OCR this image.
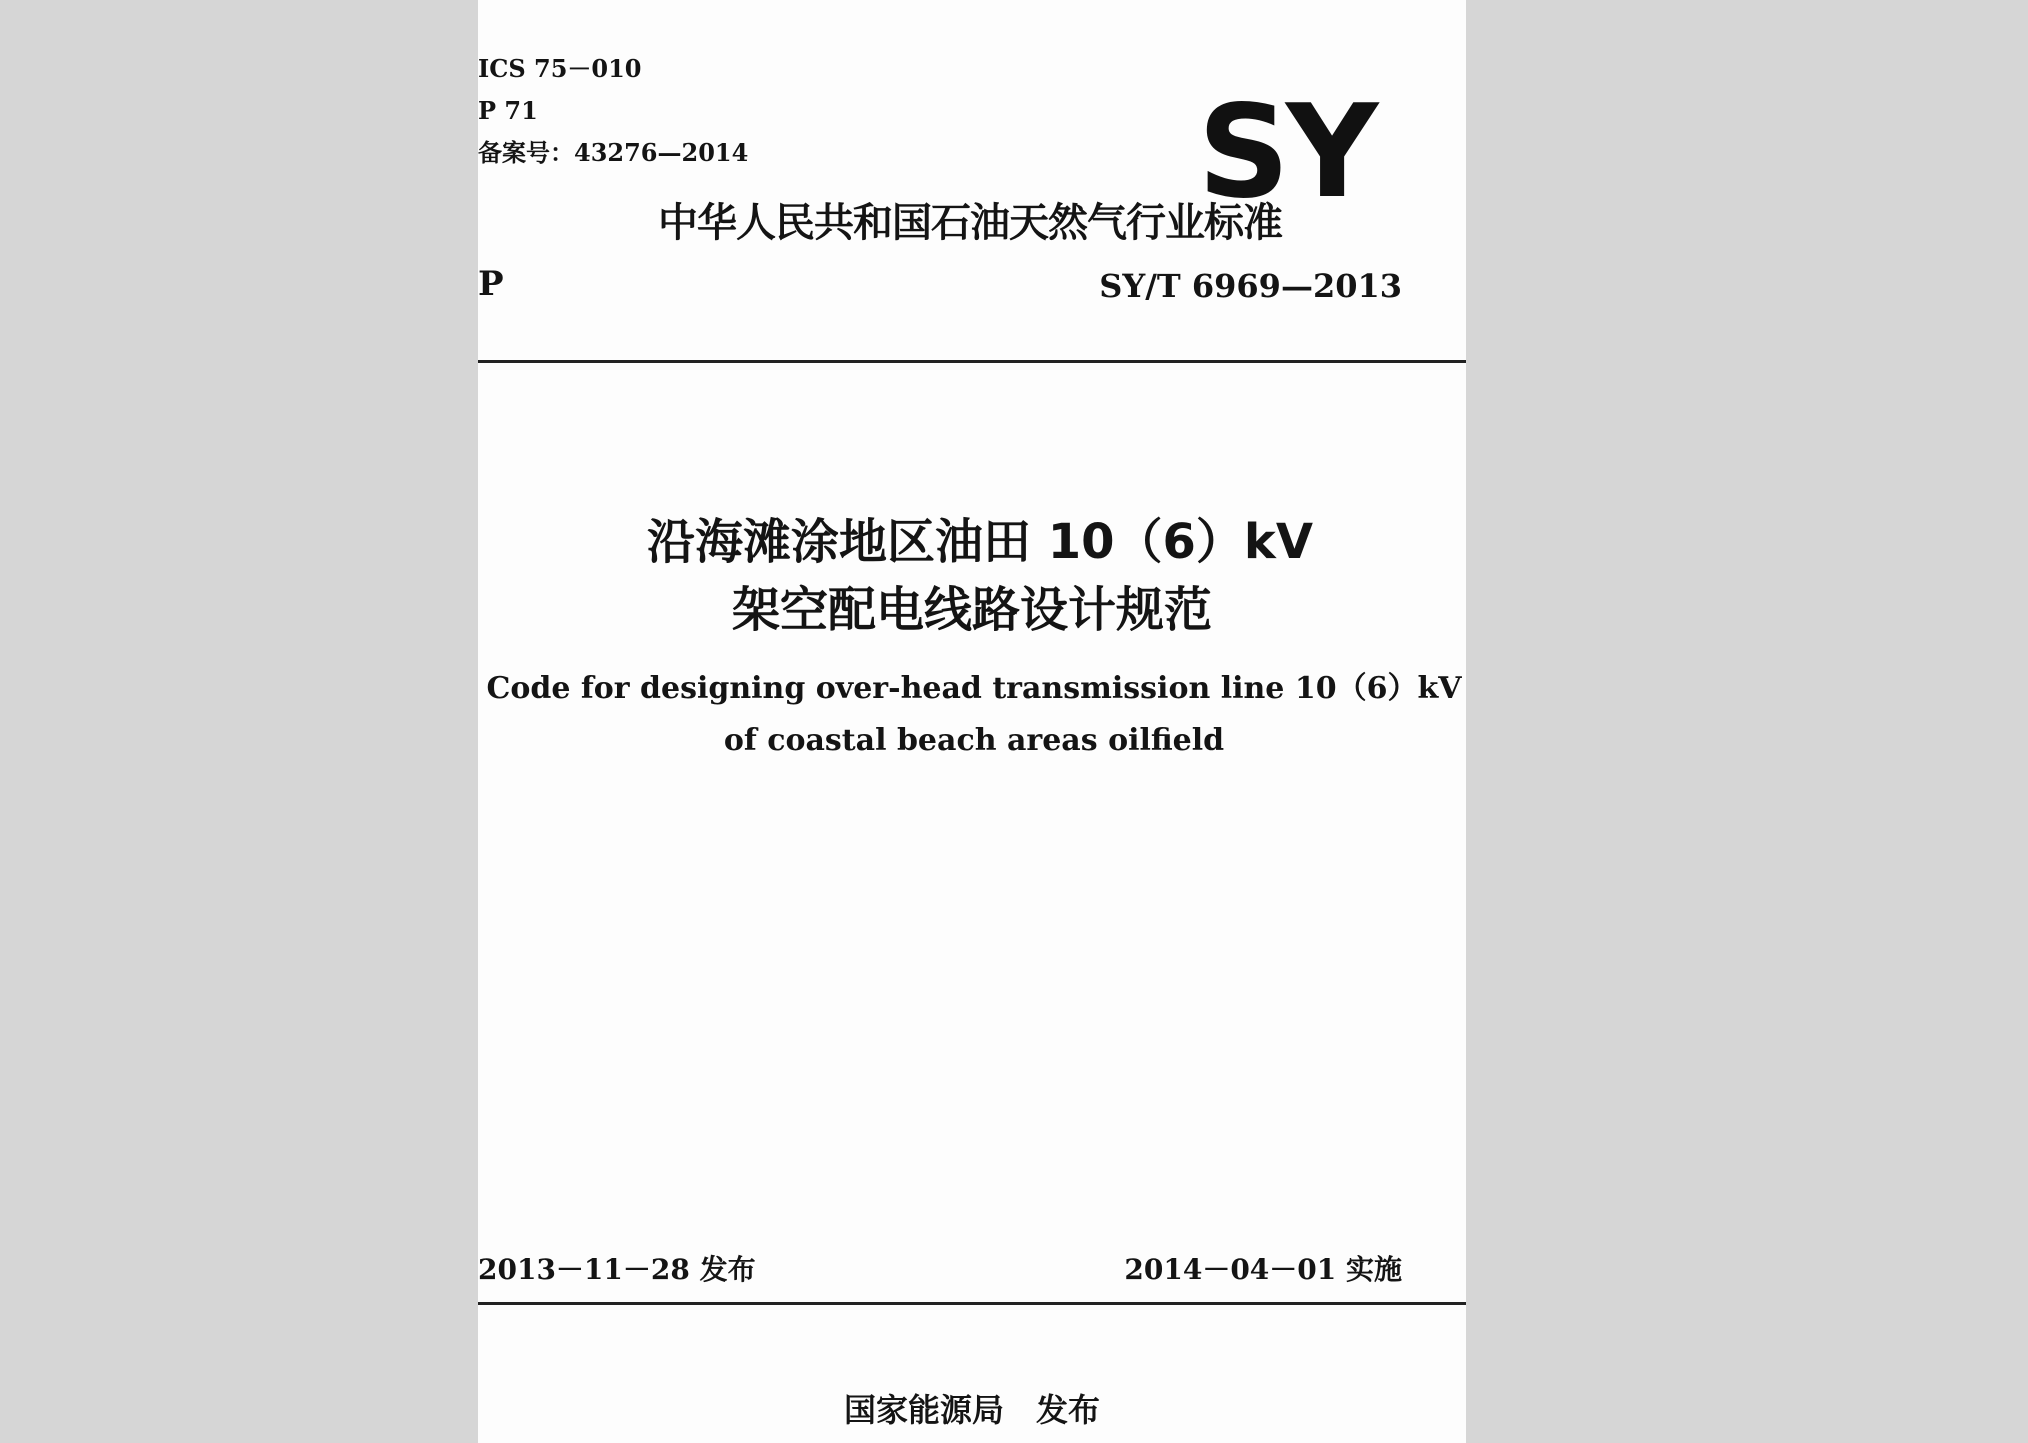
ICS 75－010
P 71
备案号：43276—2014	SY
中华人民共和国石油天然气行业标准
P	SY/T 6969—2013
沿海滩涂地区油田 10（6）kV
架空配电线路设计规范
Code for designing over-head transmission line 10（6）kV
of coastal beach areas oilfield
2013－11－28 发布	2014－04－01 实施
国家能源局　发布
